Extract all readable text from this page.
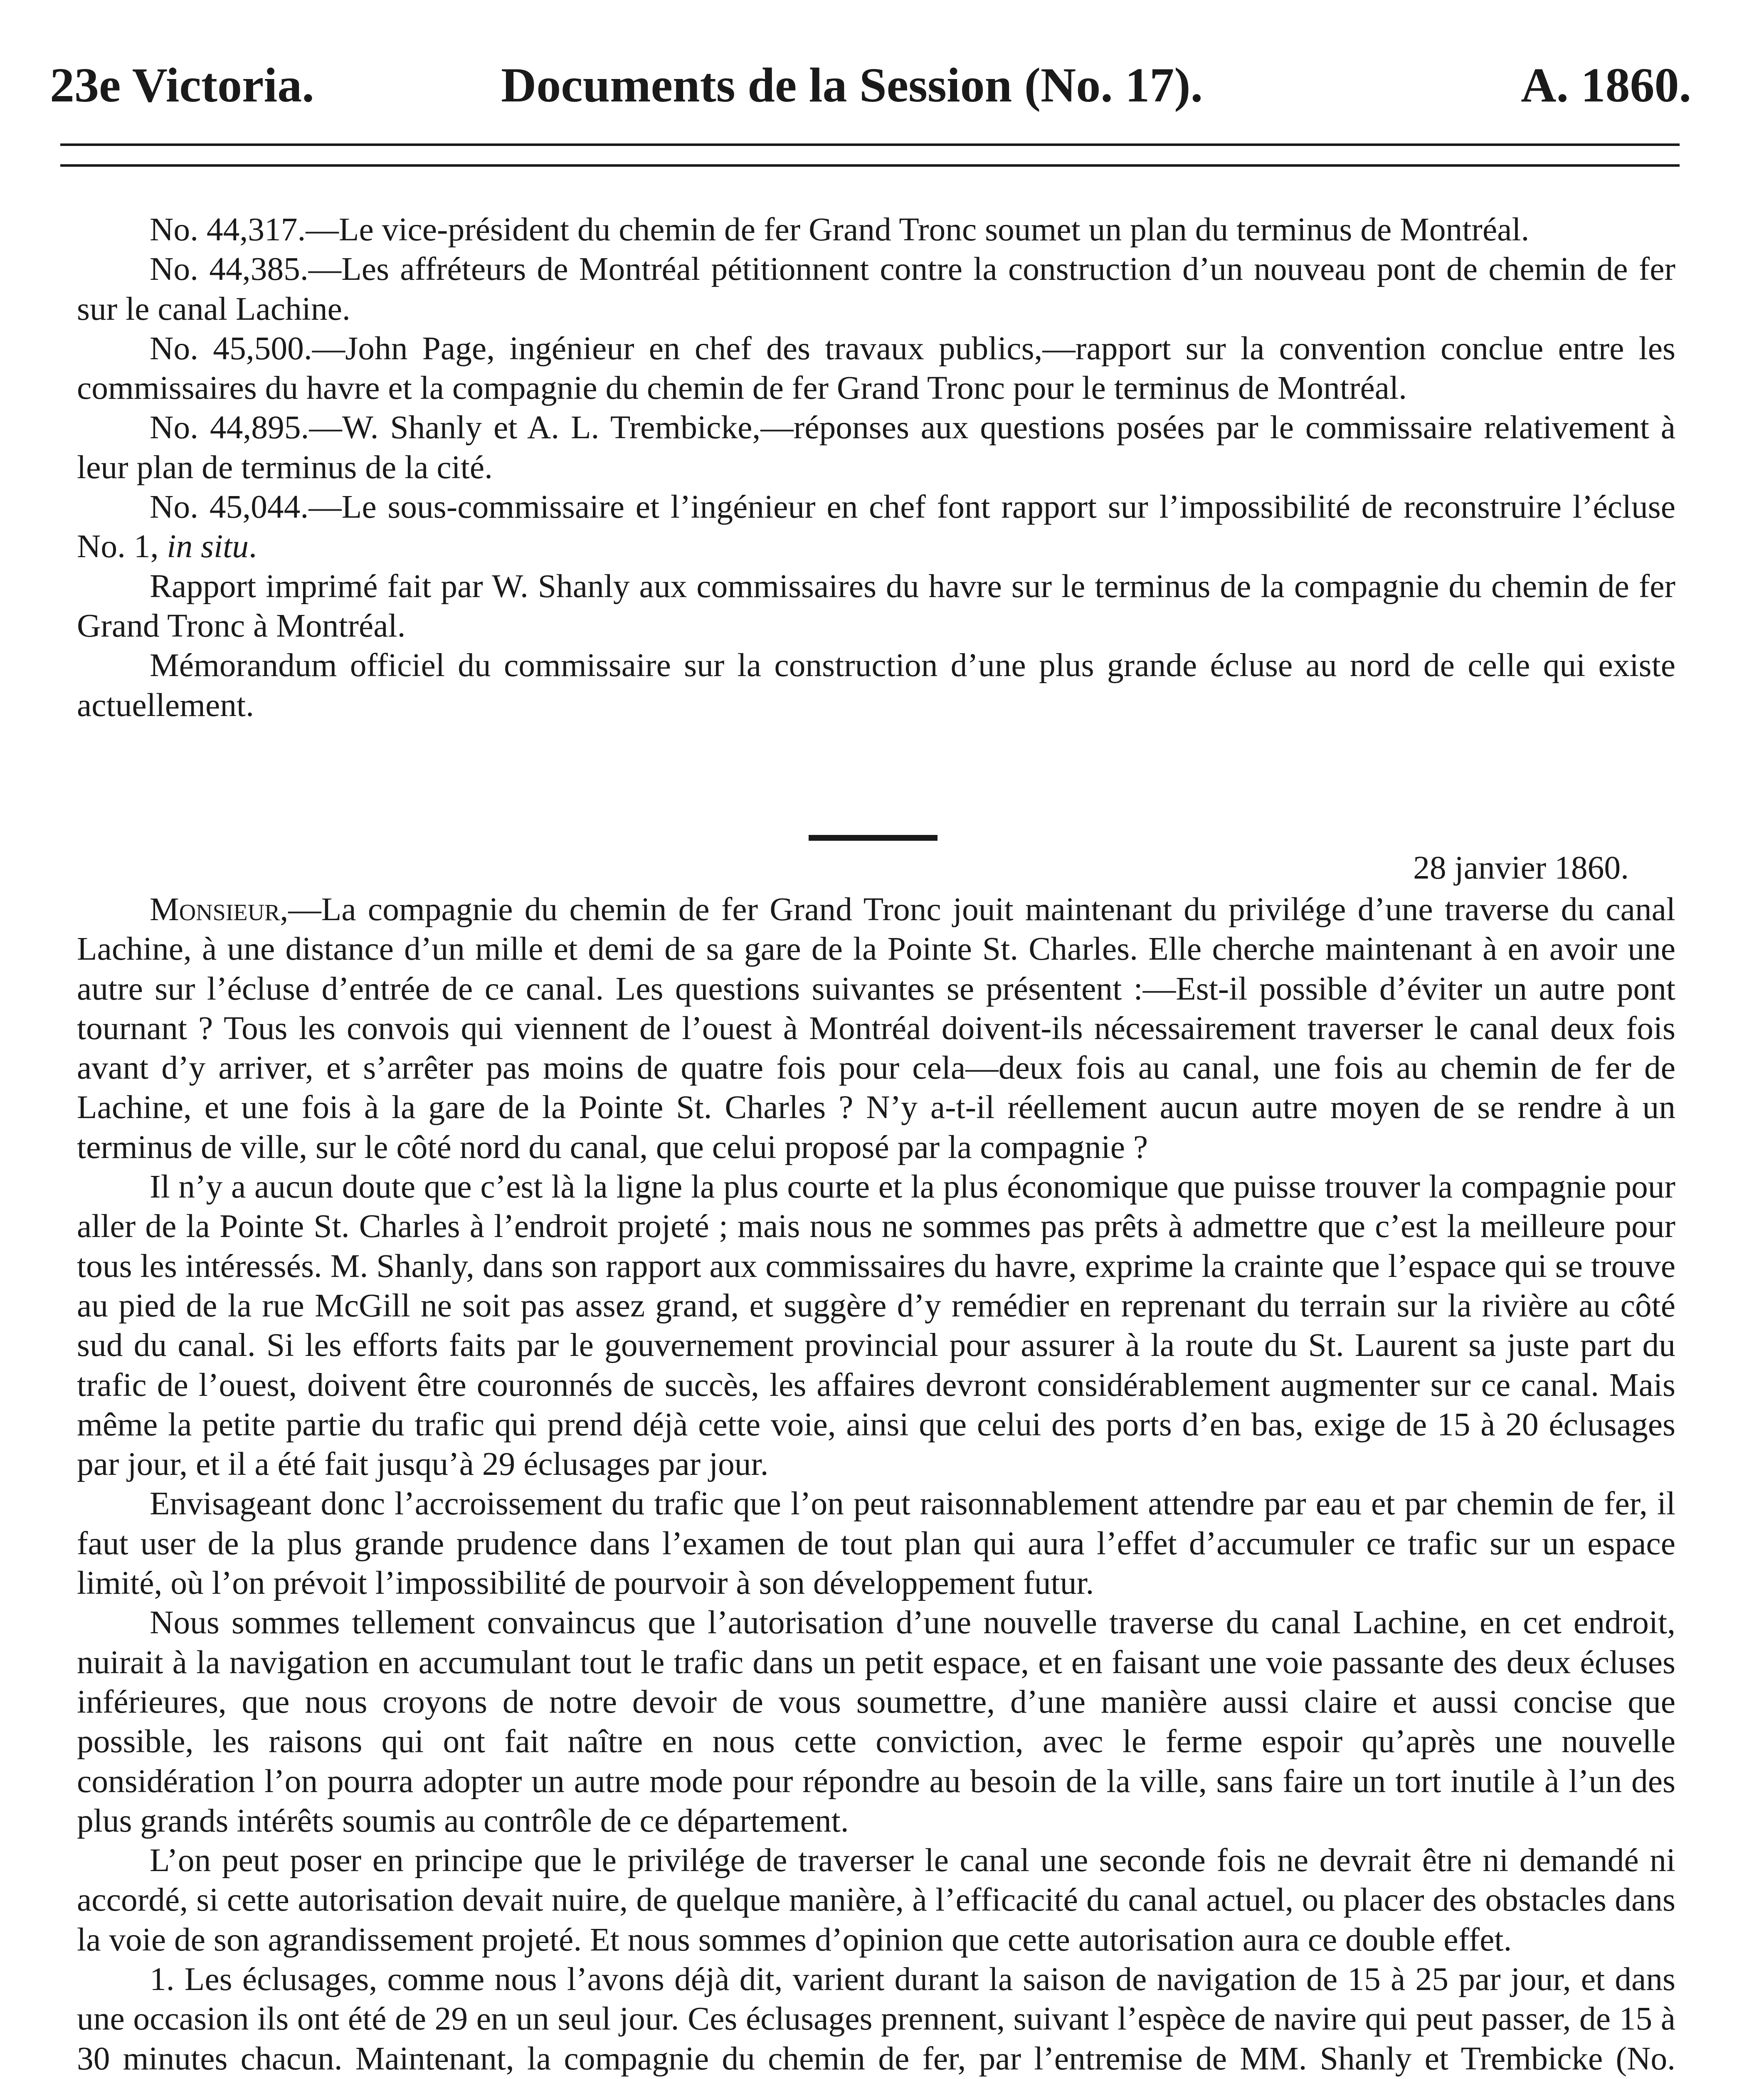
23e Victoria.	Documents de la Session (No. 17).	A. 1860.

No. 44,317.—Le vice-président du chemin de fer Grand Tronc soumet un plan du terminus de Montréal.

No. 44,385.—Les affréteurs de Montréal pétitionnent contre la construction d’un nouveau pont de chemin de fer sur le canal Lachine.

No. 45,500.—John Page, ingénieur en chef des travaux publics,—rapport sur la convention conclue entre les commissaires du havre et la compagnie du chemin de fer Grand Tronc pour le terminus de Montréal.

No. 44,895.—W. Shanly et A. L. Trembicke,—réponses aux questions posées par le commissaire relativement à leur plan de terminus de la cité.

No. 45,044.—Le sous-commissaire et l’ingénieur en chef font rapport sur l’impossibilité de reconstruire l’écluse No. 1, in situ.

Rapport imprimé fait par W. Shanly aux commissaires du havre sur le terminus de la compagnie du chemin de fer Grand Tronc à Montréal.

Mémorandum officiel du commissaire sur la construction d’une plus grande écluse au nord de celle qui existe actuellement.

28 janvier 1860.

Monsieur,—La compagnie du chemin de fer Grand Tronc jouit maintenant du privilége d’une traverse du canal Lachine, à une distance d’un mille et demi de sa gare de la Pointe St. Charles. Elle cherche maintenant à en avoir une autre sur l’écluse d’entrée de ce canal. Les questions suivantes se présentent :—Est-il possible d’éviter un autre pont tournant ? Tous les convois qui viennent de l’ouest à Montréal doivent-ils nécessairement traverser le canal deux fois avant d’y arriver, et s’arrêter pas moins de quatre fois pour cela—deux fois au canal, une fois au chemin de fer de Lachine, et une fois à la gare de la Pointe St. Charles ? N’y a-t-il réellement aucun autre moyen de se rendre à un terminus de ville, sur le côté nord du canal, que celui proposé par la compagnie ?

Il n’y a aucun doute que c’est là la ligne la plus courte et la plus économique que puisse trouver la compagnie pour aller de la Pointe St. Charles à l’endroit projeté ; mais nous ne sommes pas prêts à admettre que c’est la meilleure pour tous les intéressés. M. Shanly, dans son rapport aux commissaires du havre, exprime la crainte que l’espace qui se trouve au pied de la rue McGill ne soit pas assez grand, et suggère d’y remédier en reprenant du terrain sur la rivière au côté sud du canal. Si les efforts faits par le gouvernement provincial pour assurer à la route du St. Laurent sa juste part du trafic de l’ouest, doivent être couronnés de succès, les affaires devront considérablement augmenter sur ce canal. Mais même la petite partie du trafic qui prend déjà cette voie, ainsi que celui des ports d’en bas, exige de 15 à 20 éclusages par jour, et il a été fait jusqu’à 29 éclusages par jour.

Envisageant donc l’accroissement du trafic que l’on peut raisonnablement attendre par eau et par chemin de fer, il faut user de la plus grande prudence dans l’examen de tout plan qui aura l’effet d’accumuler ce trafic sur un espace limité, où l’on prévoit l’impossibilité de pourvoir à son développement futur.

Nous sommes tellement convaincus que l’autorisation d’une nouvelle traverse du canal Lachine, en cet endroit, nuirait à la navigation en accumulant tout le trafic dans un petit espace, et en faisant une voie passante des deux écluses inférieures, que nous croyons de notre devoir de vous soumettre, d’une manière aussi claire et aussi concise que possible, les raisons qui ont fait naître en nous cette conviction, avec le ferme espoir qu’après une nouvelle considération l’on pourra adopter un autre mode pour répondre au besoin de la ville, sans faire un tort inutile à l’un des plus grands intérêts soumis au contrôle de ce département.

L’on peut poser en principe que le privilége de traverser le canal une seconde fois ne devrait être ni demandé ni accordé, si cette autorisation devait nuire, de quelque manière, à l’efficacité du canal actuel, ou placer des obstacles dans la voie de son agrandissement projeté. Et nous sommes d’opinion que cette autorisation aura ce double effet.

1. Les éclusages, comme nous l’avons déjà dit, varient durant la saison de navigation de 15 à 25 par jour, et dans une occasion ils ont été de 29 en un seul jour. Ces éclusages prennent, suivant l’espèce de navire qui peut passer, de 15 à 30 minutes chacun. Maintenant, la compagnie du chemin de fer, par l’entremise de MM. Shanly et Trembicke (No.
